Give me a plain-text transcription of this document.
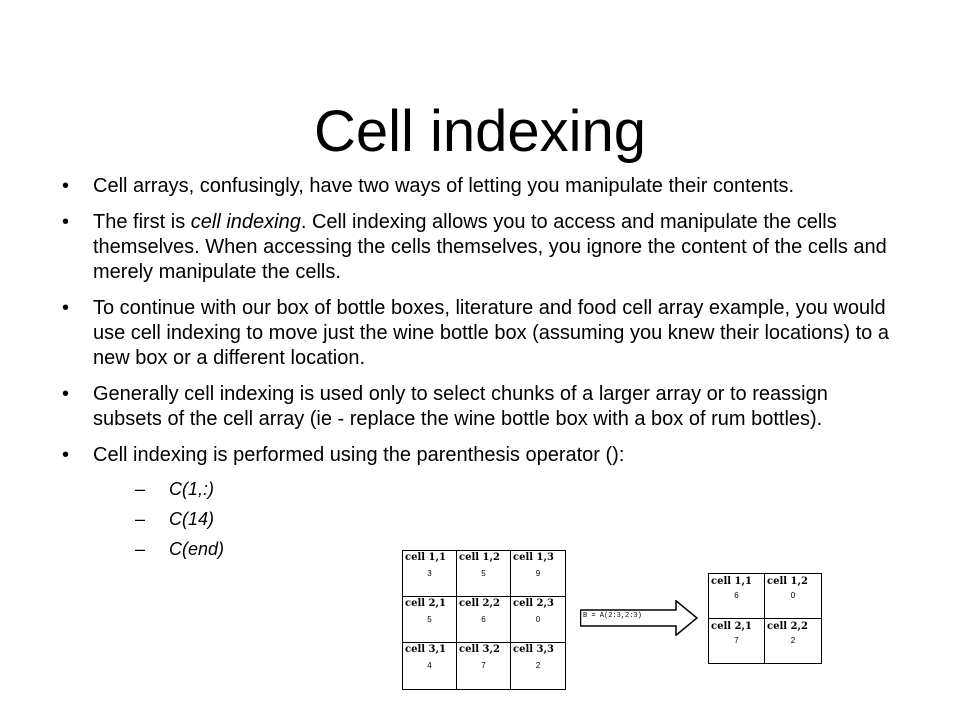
Cell indexing
• Cell arrays, confusingly, have two ways of letting you manipulate their contents.
• The first is cell indexing. Cell indexing allows you to access and manipulate the cells themselves. When accessing the cells themselves, you ignore the content of the cells and merely manipulate the cells.
• To continue with our box of bottle boxes, literature and food cell array example, you would use cell indexing to move just the wine bottle box (assuming you knew their locations) to a new box or a different location.
• Generally cell indexing is used only to select chunks of a larger array or to reassign subsets of the cell array (ie - replace the wine bottle box with a box of rum bottles).
• Cell indexing is performed using the parenthesis operator ():
– C(1,:)
– C(14)
– C(end)	cell 1,1
3
cell 1,2
5
cell 1,3
9
cell 2,1
5
cell 2,2
6
cell 2,3
0
cell 3,1
4
cell 3,2
7
cell 3,3
2
B = A(2:3,2:3)
cell 1,1
6
cell 1,2
0
cell 2,1
7
cell 2,2
2
